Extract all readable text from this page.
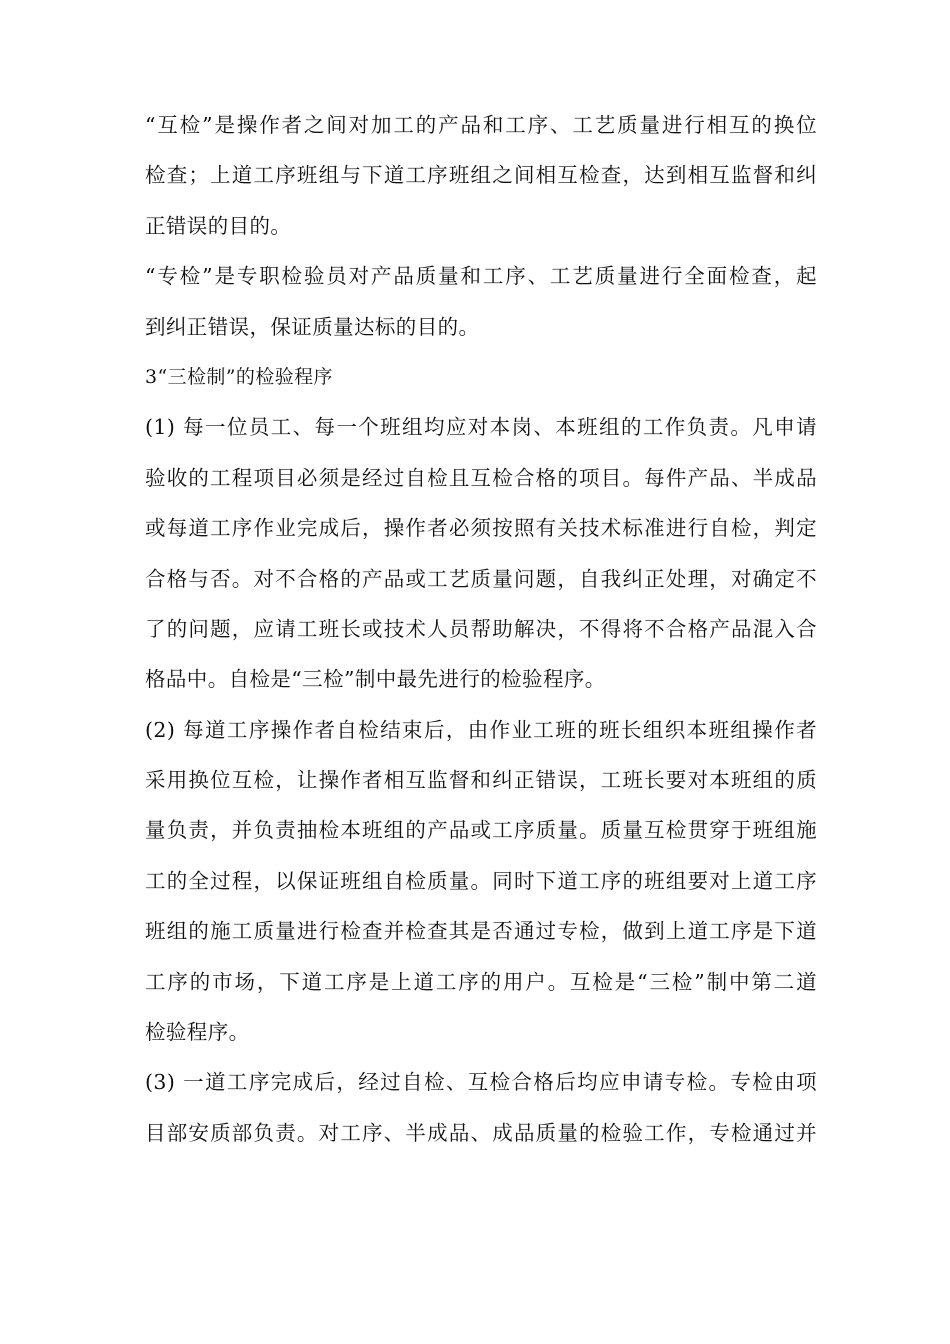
“互检”是操作者之间对加工的产品和工序、工艺质量进行相互的换位
检查；上道工序班组与下道工序班组之间相互检查，达到相互监督和纠
正错误的目的。
“专检”是专职检验员对产品质量和工序、工艺质量进行全面检查，起
到纠正错误，保证质量达标的目的。
3“三检制”的检验程序
(1) 每一位员工、每一个班组均应对本岗、本班组的工作负责。凡申请
验收的工程项目必须是经过自检且互检合格的项目。每件产品、半成品
或每道工序作业完成后，操作者必须按照有关技术标准进行自检，判定
合格与否。对不合格的产品或工艺质量问题，自我纠正处理，对确定不
了的问题，应请工班长或技术人员帮助解决，不得将不合格产品混入合
格品中。自检是“三检”制中最先进行的检验程序。
(2) 每道工序操作者自检结束后，由作业工班的班长组织本班组操作者
采用换位互检，让操作者相互监督和纠正错误，工班长要对本班组的质
量负责，并负责抽检本班组的产品或工序质量。质量互检贯穿于班组施
工的全过程，以保证班组自检质量。同时下道工序的班组要对上道工序
班组的施工质量进行检查并检查其是否通过专检，做到上道工序是下道
工序的市场，下道工序是上道工序的用户。互检是“三检”制中第二道
检验程序。
(3) 一道工序完成后，经过自检、互检合格后均应申请专检。专检由项
目部安质部负责。对工序、半成品、成品质量的检验工作，专检通过并
